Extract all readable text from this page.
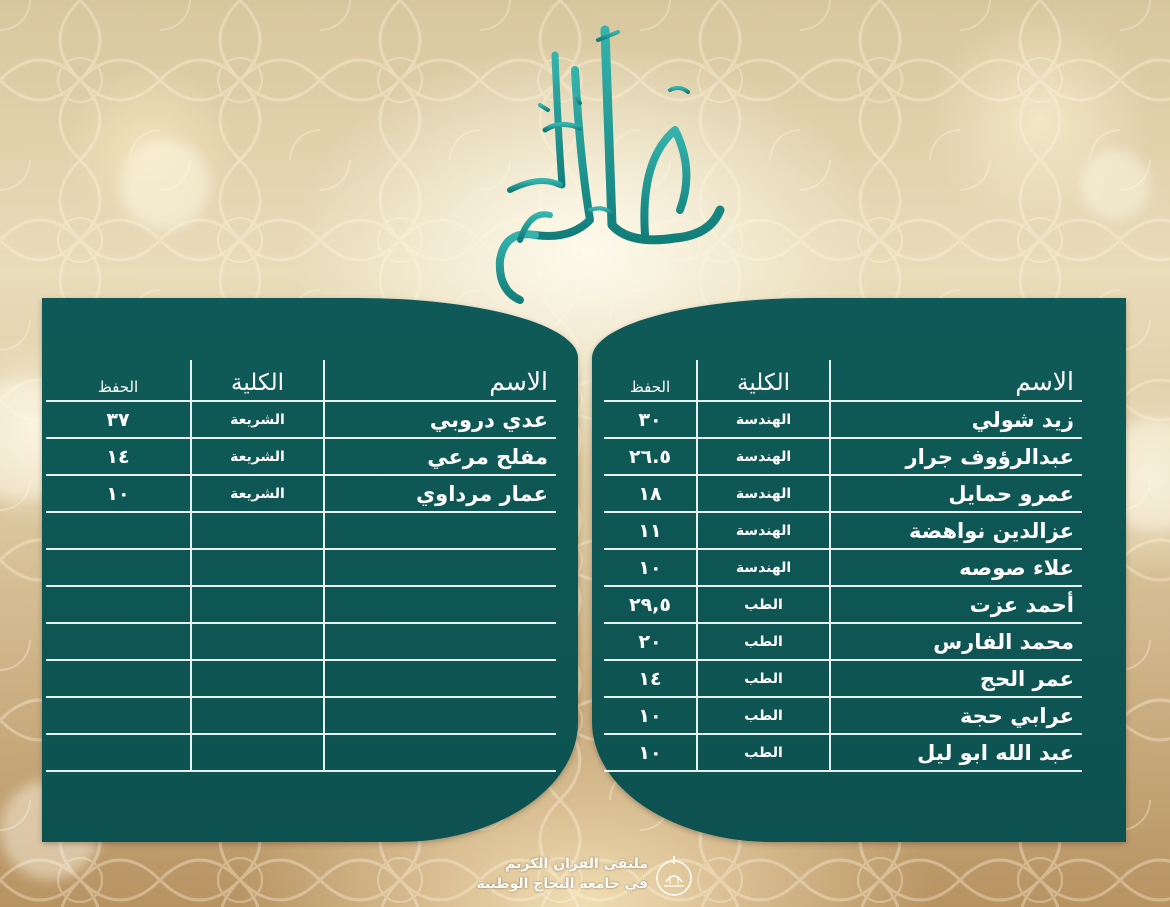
أهلاً لهم
الاسم	الكلية	الحفظ
زيد شولي	الهندسة	٣٠
عبدالرؤوف جرار	الهندسة	٢٦.٥
عمرو حمايل	الهندسة	١٨
عزالدين نواهضة	الهندسة	١١
علاء صوصه	الهندسة	١٠
أحمد عزت	الطب	٢٩,٥
محمد الفارس	الطب	٢٠
عمر الحج	الطب	١٤
عرابي حجة	الطب	١٠
عبد الله ابو ليل	الطب	١٠
الاسم	الكلية	الحفظ
عدي دروبي	الشريعة	٣٧
مفلح مرعي	الشريعة	١٤
عمار مرداوي	الشريعة	١٠

ملتقى القران الكريم
في جامعة النجاح الوطنية
